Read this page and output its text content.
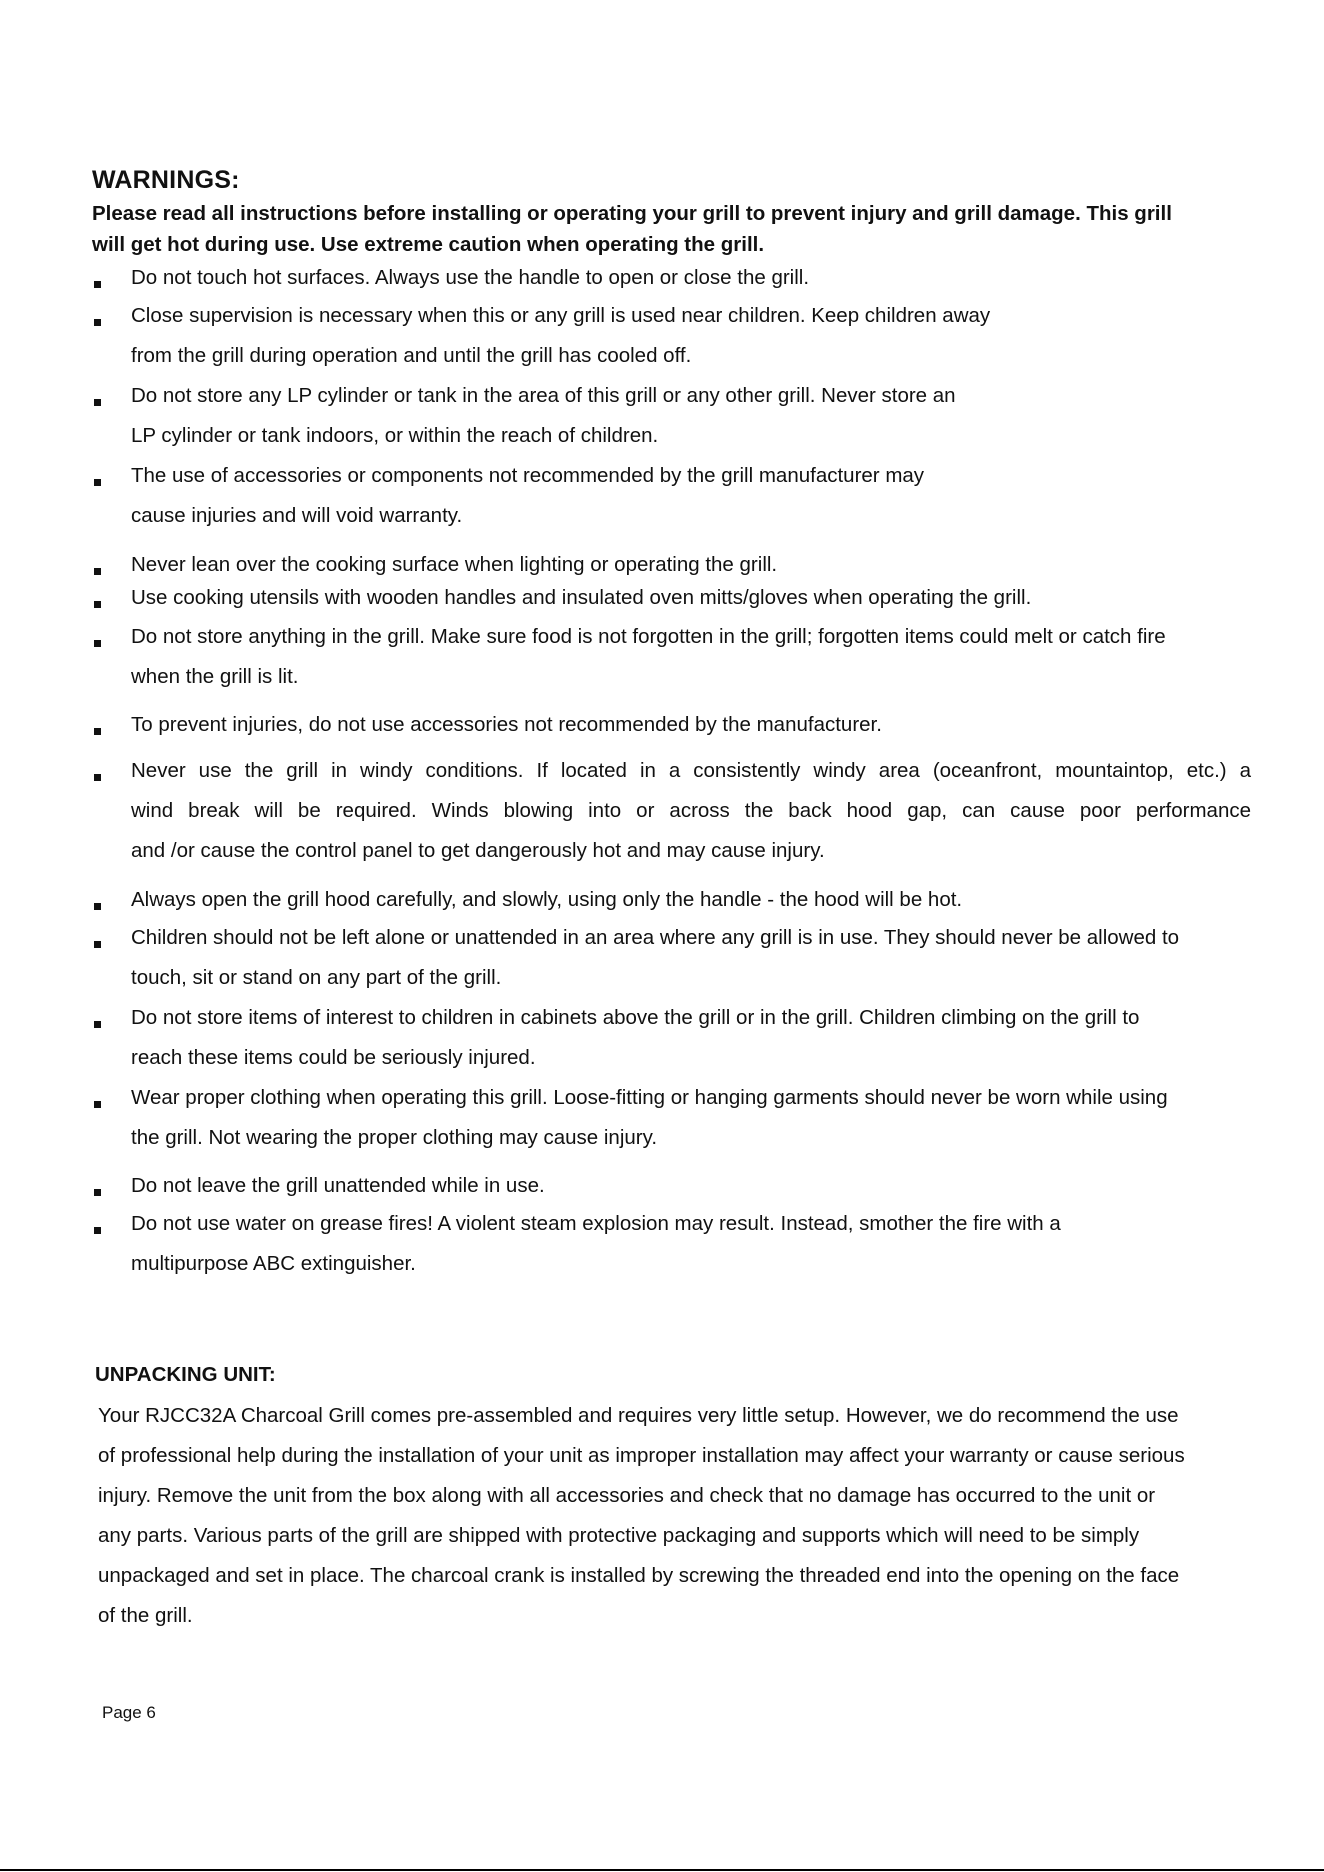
WARNINGS:
Please read all instructions before installing or operating your grill to prevent injury and grill damage. This grill
will get hot during use. Use extreme caution when operating the grill.
Do not touch hot surfaces. Always use the handle to open or close the grill.
Close supervision is necessary when this or any grill is used near children. Keep children away
from the grill during operation and until the grill has cooled off.
Do not store any LP cylinder or tank in the area of this grill or any other grill. Never store an
LP cylinder or tank indoors, or within the reach of children.
The use of accessories or components not recommended by the grill manufacturer may
cause injuries and will void warranty.
Never lean over the cooking surface when lighting or operating the grill.
Use cooking utensils with wooden handles and insulated oven mitts/gloves when operating the grill.
Do not store anything in the grill. Make sure food is not forgotten in the grill; forgotten items could melt or catch fire
when the grill is lit.
To prevent injuries, do not use accessories not recommended by the manufacturer.
Never use the grill in windy conditions. If located in a consistently windy area (oceanfront, mountaintop, etc.) a
wind break will be required. Winds blowing into or across the back hood gap, can cause poor performance
and /or cause the control panel to get dangerously hot and may cause injury.
Always open the grill hood carefully, and slowly, using only the handle - the hood will be hot.
Children should not be left alone or unattended in an area where any grill is in use. They should never be allowed to
touch, sit or stand on any part of the grill.
Do not store items of interest to children in cabinets above the grill or in the grill. Children climbing on the grill to
reach these items could be seriously injured.
Wear proper clothing when operating this grill. Loose-fitting or hanging garments should never be worn while using
the grill. Not wearing the proper clothing may cause injury.
Do not leave the grill unattended while in use.
Do not use water on grease fires! A violent steam explosion may result. Instead, smother the fire with a
multipurpose ABC extinguisher.
UNPACKING UNIT:
Your RJCC32A Charcoal Grill comes pre-assembled and requires very little setup. However, we do recommend the use
of professional help during the installation of your unit as improper installation may affect your warranty or cause serious
injury. Remove the unit from the box along with all accessories and check that no damage has occurred to the unit or
any parts. Various parts of the grill are shipped with protective packaging and supports which will need to be simply
unpackaged and set in place. The charcoal crank is installed by screwing the threaded end into the opening on the face
of the grill.
Page 6
